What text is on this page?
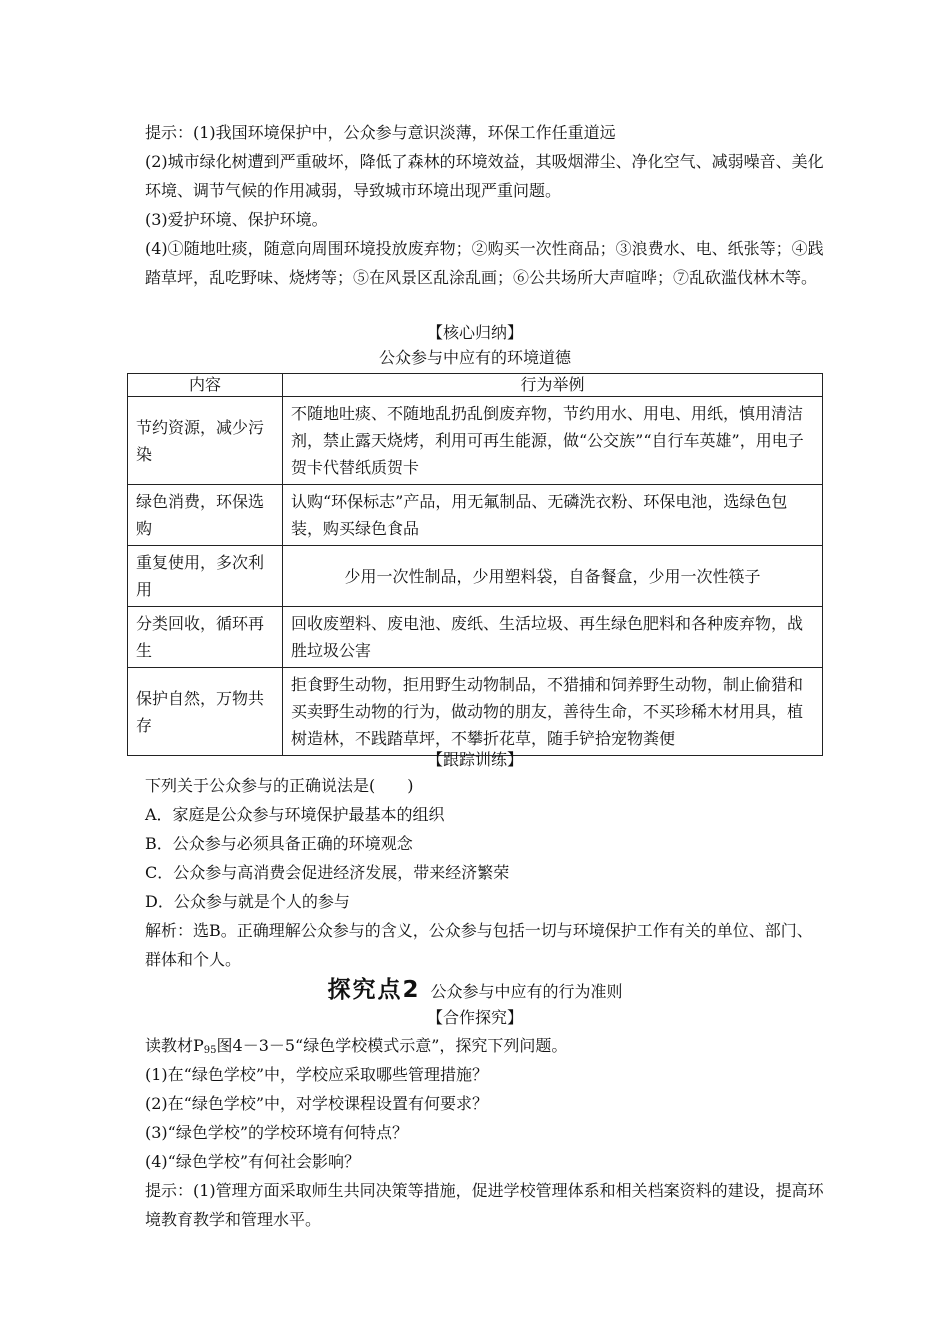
提示：(1)我国环境保护中，公众参与意识淡薄，环保工作任重道远

(2)城市绿化树遭到严重破坏，降低了森林的环境效益，其吸烟滞尘、净化空气、减弱噪音、美化环境、调节气候的作用减弱，导致城市环境出现严重问题。

(3)爱护环境、保护环境。

(4)①随地吐痰，随意向周围环境投放废弃物；②购买一次性商品；③浪费水、电、纸张等；④践踏草坪，乱吃野味、烧烤等；⑤在风景区乱涂乱画；⑥公共场所大声喧哗；⑦乱砍滥伐林木等。

【核心归纳】

公众参与中应有的环境道德

内容	行为举例
节约资源，减少污染	不随地吐痰、不随地乱扔乱倒废弃物，节约用水、用电、用纸，慎用清洁剂，禁止露天烧烤，利用可再生能源，做“公交族”“自行车英雄”，用电子贺卡代替纸质贺卡
绿色消费，环保选购	认购“环保标志”产品，用无氟制品、无磷洗衣粉、环保电池，选绿色包装，购买绿色食品
重复使用，多次利用	少用一次性制品，少用塑料袋，自备餐盒，少用一次性筷子
分类回收，循环再生	回收废塑料、废电池、废纸、生活垃圾、再生绿色肥料和各种废弃物，战胜垃圾公害
保护自然，万物共存	拒食野生动物，拒用野生动物制品，不猎捕和饲养野生动物，制止偷猎和买卖野生动物的行为，做动物的朋友，善待生命，不买珍稀木材用具，植树造林，不践踏草坪，不攀折花草，随手铲拾宠物粪便

【跟踪训练】

下列关于公众参与的正确说法是(　　)

A．家庭是公众参与环境保护最基本的组织

B．公众参与必须具备正确的环境观念

C．公众参与高消费会促进经济发展，带来经济繁荣

D．公众参与就是个人的参与

解析：选B。正确理解公众参与的含义，公众参与包括一切与环境保护工作有关的单位、部门、群体和个人。

探究点2 公众参与中应有的行为准则

【合作探究】

读教材$P_{95}$图4－3－5“绿色学校模式示意”，探究下列问题。

(1)在“绿色学校”中，学校应采取哪些管理措施？

(2)在“绿色学校”中，对学校课程设置有何要求？

(3)“绿色学校”的学校环境有何特点？

(4)“绿色学校”有何社会影响？

提示：(1)管理方面采取师生共同决策等措施，促进学校管理体系和相关档案资料的建设，提高环境教育教学和管理水平。
